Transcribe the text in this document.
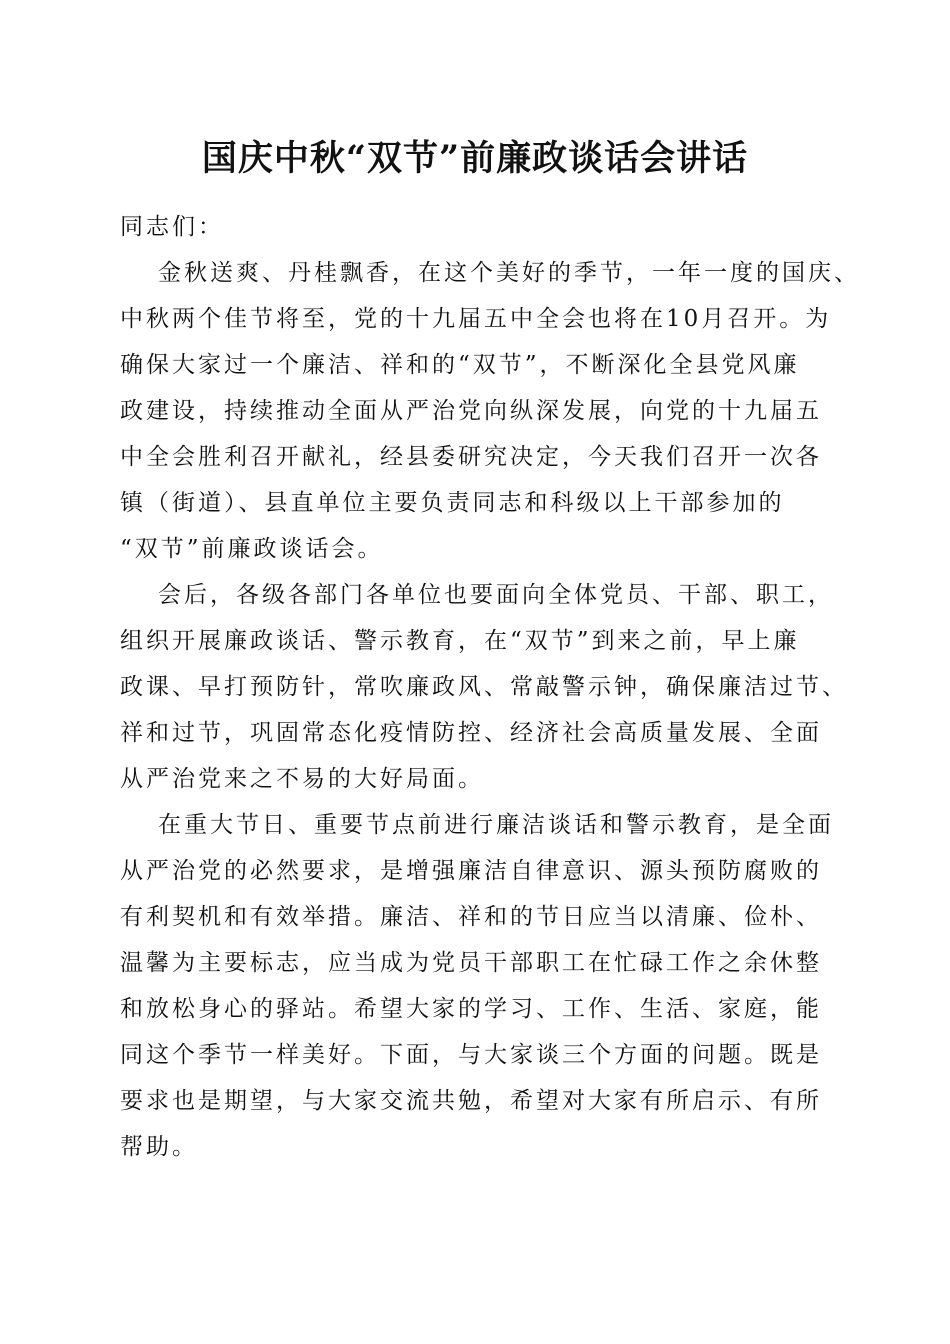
国庆中秋“双节”前廉政谈话会讲话

同志们：

金秋送爽、丹桂飘香，在这个美好的季节，一年一度的国庆、
中秋两个佳节将至，党的十九届五中全会也将在10月召开。为
确保大家过一个廉洁、祥和的“双节”，不断深化全县党风廉
政建设，持续推动全面从严治党向纵深发展，向党的十九届五
中全会胜利召开献礼，经县委研究决定，今天我们召开一次各
镇（街道）、县直单位主要负责同志和科级以上干部参加的
“双节”前廉政谈话会。

会后，各级各部门各单位也要面向全体党员、干部、职工，
组织开展廉政谈话、警示教育，在“双节”到来之前，早上廉
政课、早打预防针，常吹廉政风、常敲警示钟，确保廉洁过节、
祥和过节，巩固常态化疫情防控、经济社会高质量发展、全面
从严治党来之不易的大好局面。

在重大节日、重要节点前进行廉洁谈话和警示教育，是全面
从严治党的必然要求，是增强廉洁自律意识、源头预防腐败的
有利契机和有效举措。廉洁、祥和的节日应当以清廉、俭朴、
温馨为主要标志，应当成为党员干部职工在忙碌工作之余休整
和放松身心的驿站。希望大家的学习、工作、生活、家庭，能
同这个季节一样美好。下面，与大家谈三个方面的问题。既是
要求也是期望，与大家交流共勉，希望对大家有所启示、有所
帮助。
